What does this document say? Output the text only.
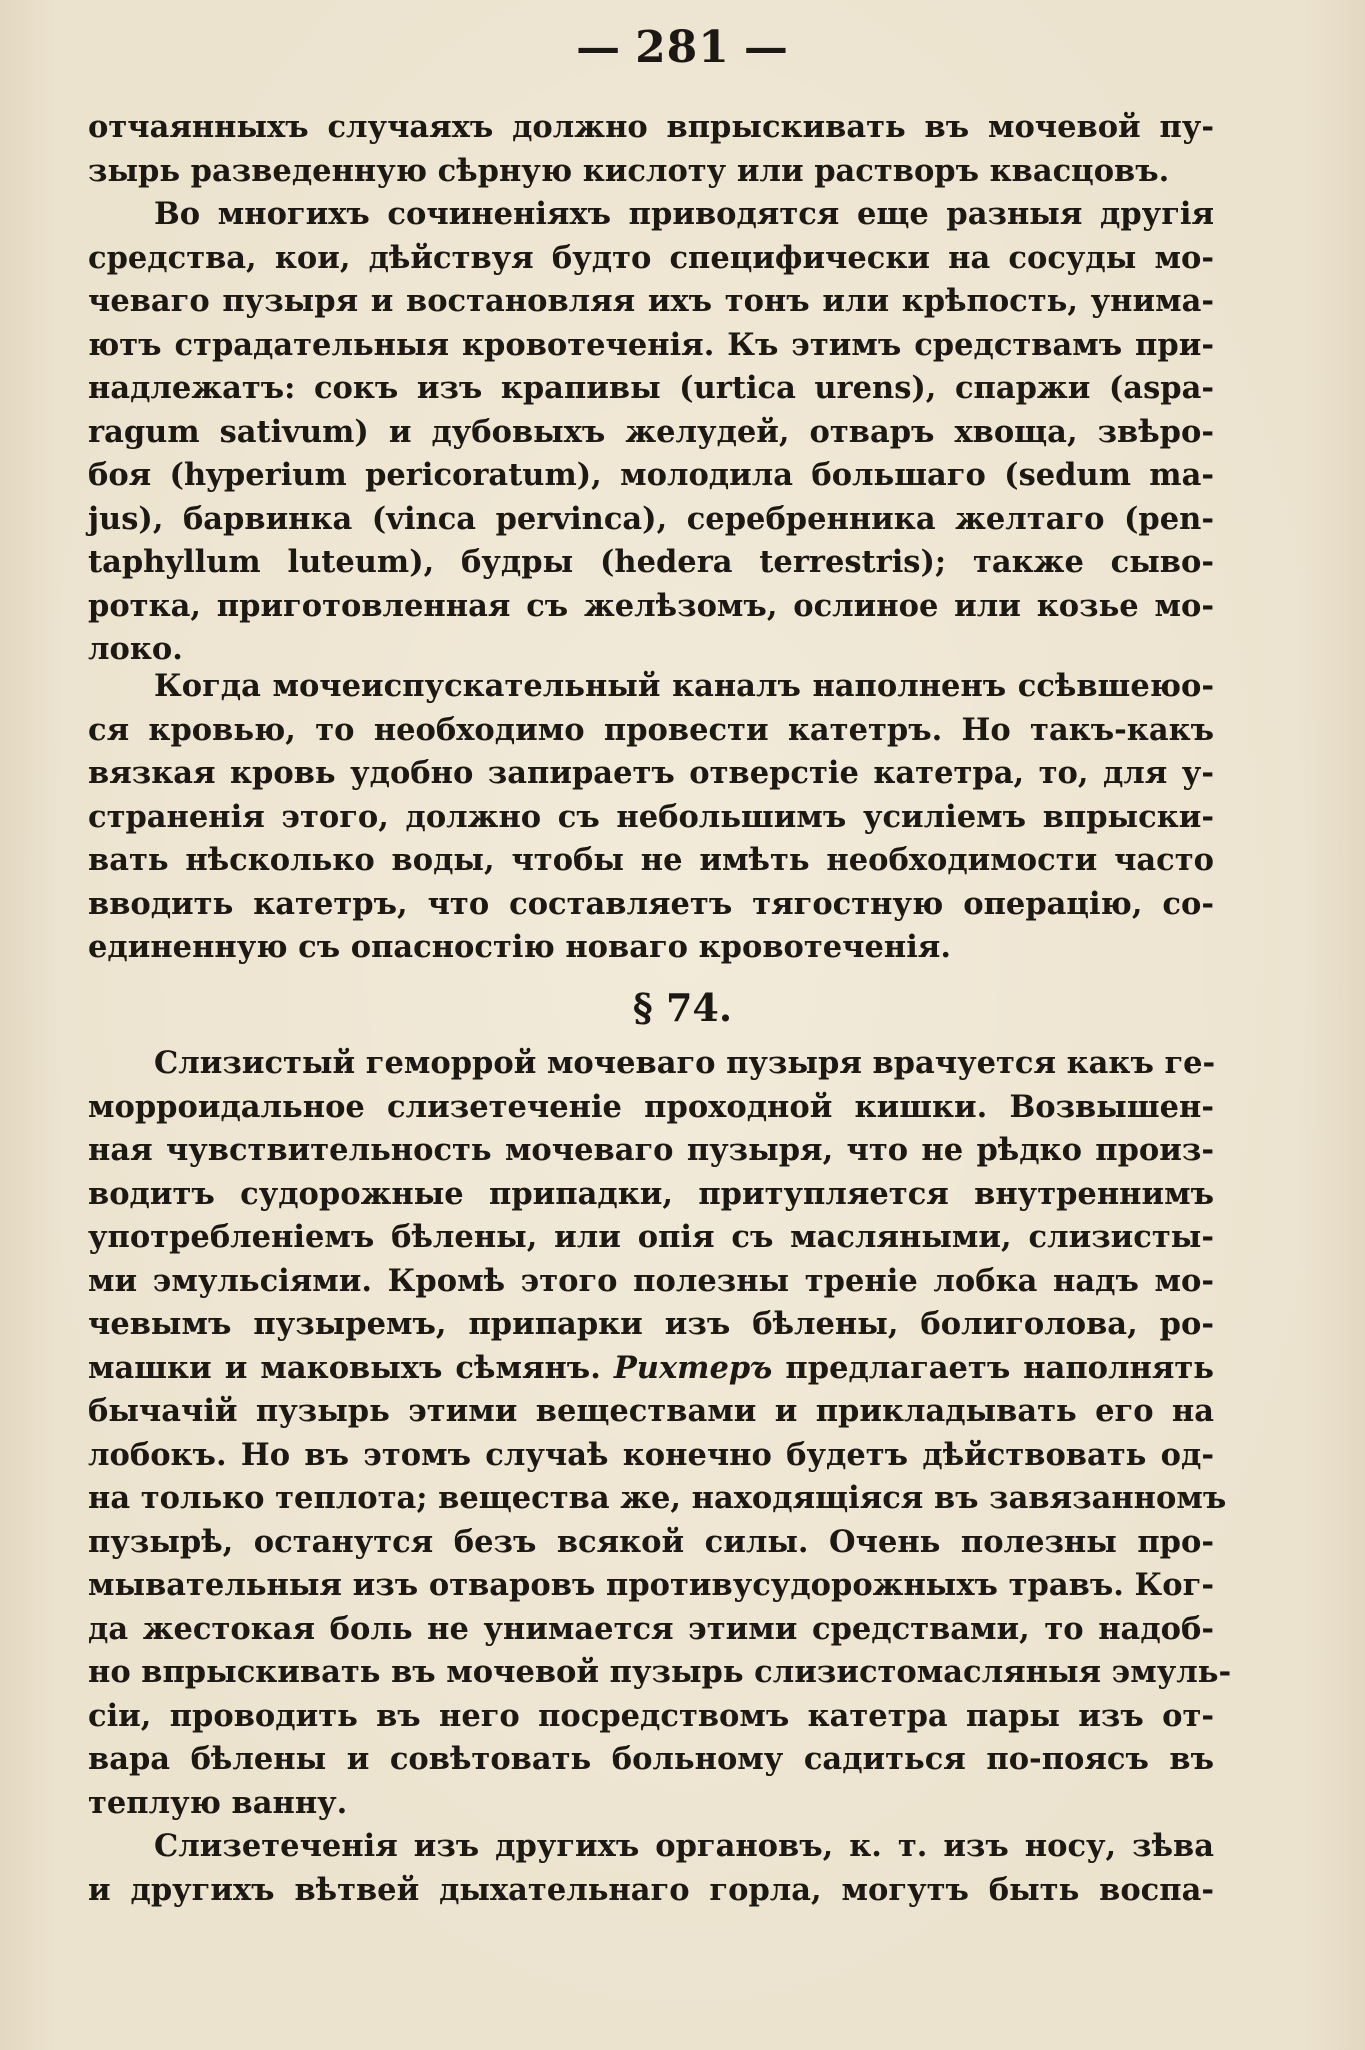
— 281 —
отчаянныхъ случаяхъ должно впрыскивать въ мочевой пу-
зырь разведенную сѣрную кислоту или растворъ квасцовъ.
Во многихъ сочиненіяхъ приводятся еще разныя другія
средства, кои, дѣйствуя будто специфически на сосуды мо-
чеваго пузыря и востановляя ихъ тонъ или крѣпость, унима-
ютъ страдательныя кровотеченія. Къ этимъ средствамъ при-
надлежатъ: сокъ изъ крапивы (urtica urens), спаржи (aspa-
ragum sativum) и дубовыхъ желудей, отваръ хвоща, звѣро-
боя (hyperium pericoratum), молодила большаго (sedum ma-
jus), барвинка (vinca pervinca), серебренника желтаго (pen-
taphyllum luteum), будры (hedera terrestris); также сыво-
ротка, приготовленная съ желѣзомъ, ослиное или козье мо-
локо.
Когда мочеиспускательный каналъ наполненъ ссѣвшеюо-
ся кровью, то необходимо провести катетръ. Но такъ-какъ
вязкая кровь удобно запираетъ отверстіе катетра, то, для у-
страненія этого, должно съ небольшимъ усиліемъ впрыски-
вать нѣсколько воды, чтобы не имѣть необходимости часто
вводить катетръ, что составляетъ тягостную операцію, со-
единенную съ опасностію новаго кровотеченія.
§ 74.
Слизистый геморрой мочеваго пузыря врачуется какъ ге-
морроидальное слизетеченіе проходной кишки. Возвышен-
ная чувствительность мочеваго пузыря, что не рѣдко произ-
водитъ судорожные припадки, притупляется внутреннимъ
употребленіемъ бѣлены, или опія съ масляными, слизисты-
ми эмульсіями. Кромѣ этого полезны треніе лобка надъ мо-
чевымъ пузыремъ, припарки изъ бѣлены, болиголова, ро-
машки и маковыхъ сѣмянъ. Рихтеръ предлагаетъ наполнять
бычачій пузырь этими веществами и прикладывать его на
лобокъ. Но въ этомъ случаѣ конечно будетъ дѣйствовать од-
на только теплота; вещества же, находящіяся въ завязанномъ
пузырѣ, останутся безъ всякой силы. Очень полезны про-
мывательныя изъ отваровъ противусудорожныхъ травъ. Ког-
да жестокая боль не унимается этими средствами, то надоб-
но впрыскивать въ мочевой пузырь слизистомасляныя эмуль-
сіи, проводить въ него посредствомъ катетра пары изъ от-
вара бѣлены и совѣтовать больному садиться по-поясъ въ
теплую ванну.
Слизетеченія изъ другихъ органовъ, к. т. изъ носу, зѣва
и другихъ вѣтвей дыхательнаго горла, могутъ быть воспа-
